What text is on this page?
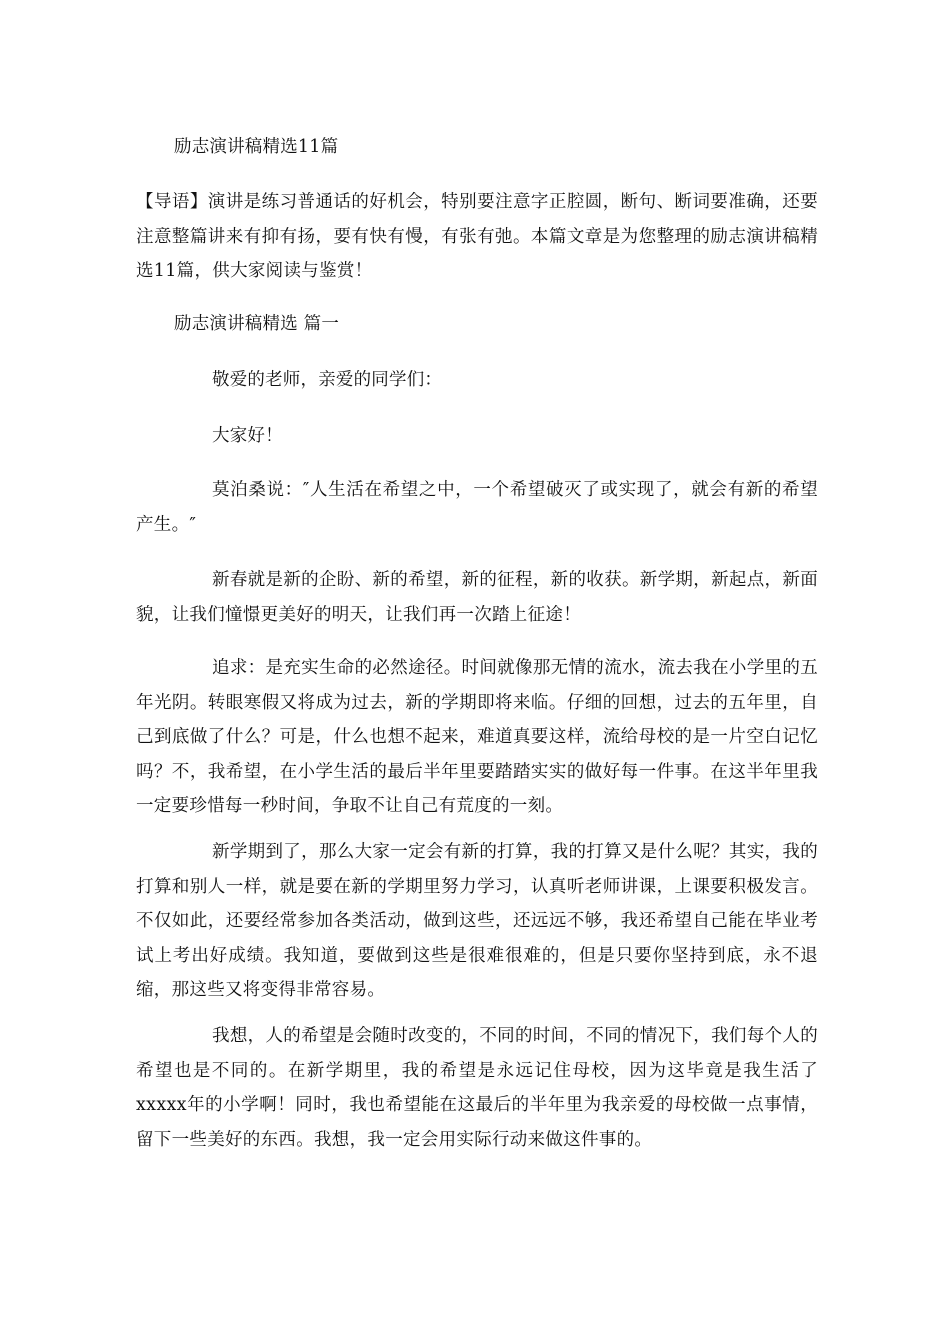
励志演讲稿精选11篇
【导语】演讲是练习普通话的好机会，特别要注意字正腔圆，断句、断词要准确，还要注意整篇讲来有抑有扬，要有快有慢，有张有弛。本篇文章是为您整理的励志演讲稿精选11篇，供大家阅读与鉴赏！
励志演讲稿精选 篇一
敬爱的老师，亲爱的同学们：
大家好！
莫泊桑说：″人生活在希望之中，一个希望破灭了或实现了，就会有新的希望产生。″
新春就是新的企盼、新的希望，新的征程，新的收获。新学期，新起点，新面貌，让我们憧憬更美好的明天，让我们再一次踏上征途！
追求：是充实生命的必然途径。时间就像那无情的流水，流去我在小学里的五年光阴。转眼寒假又将成为过去，新的学期即将来临。仔细的回想，过去的五年里，自己到底做了什么？可是，什么也想不起来，难道真要这样，流给母校的是一片空白记忆吗？不，我希望，在小学生活的最后半年里要踏踏实实的做好每一件事。在这半年里我一定要珍惜每一秒时间，争取不让自己有荒度的一刻。
新学期到了，那么大家一定会有新的打算，我的打算又是什么呢？其实，我的打算和别人一样，就是要在新的学期里努力学习，认真听老师讲课，上课要积极发言。不仅如此，还要经常参加各类活动，做到这些，还远远不够，我还希望自己能在毕业考试上考出好成绩。我知道，要做到这些是很难很难的，但是只要你坚持到底，永不退缩，那这些又将变得非常容易。
我想，人的希望是会随时改变的，不同的时间，不同的情况下，我们每个人的希望也是不同的。在新学期里，我的希望是永远记住母校，因为这毕竟是我生活了xxxxx年的小学啊！同时，我也希望能在这最后的半年里为我亲爱的母校做一点事情，留下一些美好的东西。我想，我一定会用实际行动来做这件事的。
